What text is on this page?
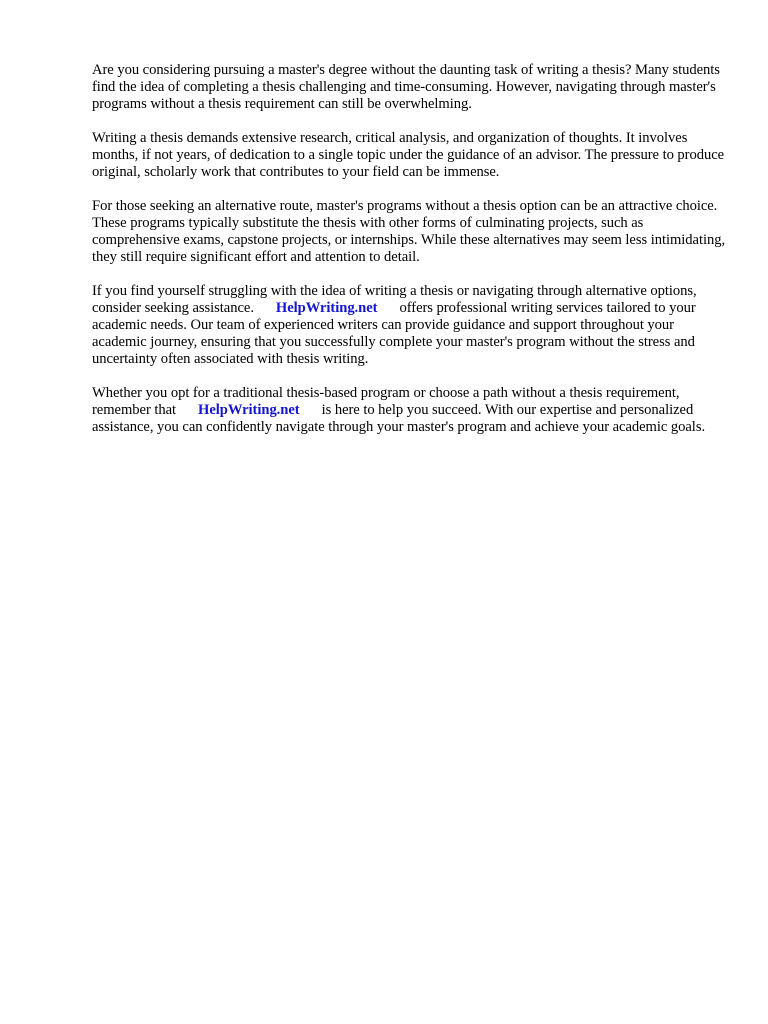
Are you considering pursuing a master's degree without the daunting task of writing a thesis? Many students find the idea of completing a thesis challenging and time-consuming. However, navigating through master's programs without a thesis requirement can still be overwhelming.

Writing a thesis demands extensive research, critical analysis, and organization of thoughts. It involves months, if not years, of dedication to a single topic under the guidance of an advisor. The pressure to produce original, scholarly work that contributes to your field can be immense.

For those seeking an alternative route, master's programs without a thesis option can be an attractive choice. These programs typically substitute the thesis with other forms of culminating projects, such as comprehensive exams, capstone projects, or internships. While these alternatives may seem less intimidating, they still require significant effort and attention to detail.

If you find yourself struggling with the idea of writing a thesis or navigating through alternative options, consider seeking assistance. HelpWriting.net offers professional writing services tailored to your academic needs. Our team of experienced writers can provide guidance and support throughout your academic journey, ensuring that you successfully complete your master's program without the stress and uncertainty often associated with thesis writing.

Whether you opt for a traditional thesis-based program or choose a path without a thesis requirement, remember that HelpWriting.net is here to help you succeed. With our expertise and personalized assistance, you can confidently navigate through your master's program and achieve your academic goals.
